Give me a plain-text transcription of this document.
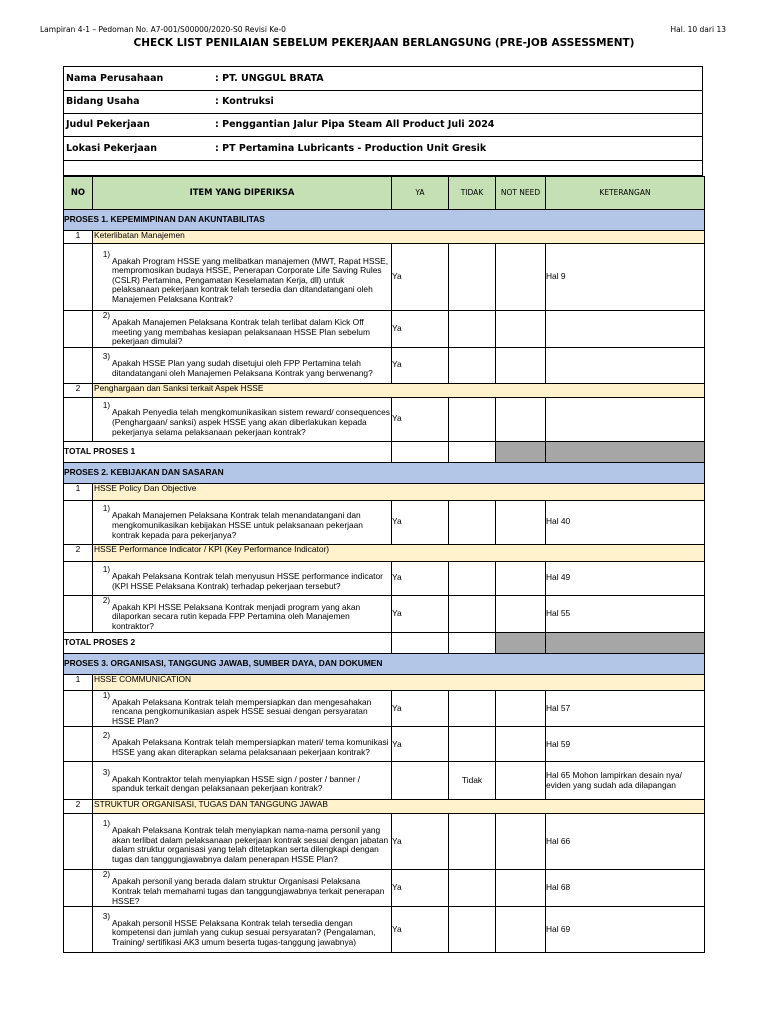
Lampiran 4-1 – Pedoman No. A7-001/S00000/2020-S0 Revisi Ke-0	Hal. 10 dari 13
CHECK LIST PENILAIAN SEBELUM PEKERJAAN BERLANGSUNG (PRE-JOB ASSESSMENT)
Nama Perusahaan	: PT. UNGGUL BRATA
Bidang Usaha	: Kontruksi
Judul Pekerjaan	: Penggantian Jalur Pipa Steam All Product Juli 2024
Lokasi Pekerjaan	: PT Pertamina Lubricants - Production Unit Gresik
NO	ITEM YANG DIPERIKSA	YA	TIDAK	NOT NEED	KETERANGAN
PROSES 1. KEPEMIMPINAN DAN AKUNTABILITAS					
1	Keterlibatan Manajemen				

	1)
Apakah Program HSSE yang melibatkan manajemen (MWT, Rapat HSSE, mempromosikan budaya HSSE, Penerapan Corporate Life Saving Rules (CSLR) Pertamina, Pengamatan Keselamatan Kerja, dll) untuk pelaksanaan pekerjaan kontrak telah tersedia dan ditandatangani oleh Manajemen Pelaksana Kontrak?	Ya			Hal 9

	2)
Apakah Manajemen Pelaksana Kontrak telah terlibat dalam Kick Off meeting yang membahas kesiapan pelaksanaan HSSE Plan sebelum pekerjaan dimulai?	Ya			

	3)
Apakah HSSE Plan yang sudah disetujui oleh FPP Pertamina telah ditandatangani oleh Manajemen Pelaksana Kontrak yang berwenang?	Ya			
2	Penghargaan dan Sanksi terkait Aspek HSSE				

	1)
Apakah Penyedia telah mengkomunikasikan sistem reward/ consequences (Penghargaan/ sanksi) aspek HSSE yang akan diberlakukan kepada pekerjanya selama pelaksanaan pekerjaan kontrak?	Ya			
TOTAL PROSES 1					
PROSES 2. KEBIJAKAN DAN SASARAN					
1	HSSE Policy Dan Objective				

	1)
Apakah Manajemen Pelaksana Kontrak telah menandatangani dan mengkomunikasikan kebijakan HSSE untuk pelaksanaan pekerjaan kontrak kepada para pekerjanya?	Ya			Hal 40
2	HSSE Performance Indicator / KPI (Key Performance Indicator)				

	1)
Apakah Pelaksana Kontrak telah menyusun HSSE performance indicator (KPI HSSE Pelaksana Kontrak) terhadap pekerjaan tersebut?	Ya			Hal 49

	2)
Apakah KPI HSSE Pelaksana Kontrak menjadi program yang akan dilaporkan secara rutin kepada FPP Pertamina oleh Manajemen kontraktor?	Ya			Hal 55
TOTAL PROSES 2					
PROSES 3. ORGANISASI, TANGGUNG JAWAB, SUMBER DAYA, DAN DOKUMEN					
1	HSSE COMMUNICATION				

	1)
Apakah Pelaksana Kontrak telah mempersiapkan dan mengesahakan rencana pengkomunikasian aspek HSSE sesuai dengan persyaratan HSSE Plan?	Ya			Hal 57

	2)
Apakah Pelaksana Kontrak telah mempersiapkan materi/ tema komunikasi HSSE yang akan diterapkan selama pelaksanaan pekerjaan kontrak?	Ya			Hal 59

	3)
Apakah Kontraktor telah menyiapkan HSSE sign / poster / banner / spanduk terkait dengan pelaksanaan pekerjaan kontrak?		Tidak		Hal 65 Mohon lampirkan desain nya/ eviden yang sudah ada dilapangan
2	STRUKTUR ORGANISASI, TUGAS DAN TANGGUNG JAWAB				

	1)
Apakah Pelaksana Kontrak telah menyiapkan nama-nama personil yang akan terlibat dalam pelaksanaan pekerjaan kontrak sesuai dengan jabatan dalam struktur organisasi yang telah ditetapkan serta dilengkapi dengan tugas dan tanggungjawabnya dalam penerapan HSSE Plan?	Ya			Hal 66

	2)
Apakah personil yang berada dalam struktur Organisasi Pelaksana Kontrak telah memahami tugas dan tanggungjawabnya terkait penerapan HSSE?	Ya			Hal 68

	3)
Apakah personil HSSE Pelaksana Kontrak telah tersedia dengan kompetensi dan jumlah yang cukup sesuai persyaratan? (Pengalaman, Training/ sertifikasi AK3 umum beserta tugas-tanggung jawabnya)	Ya			Hal 69
